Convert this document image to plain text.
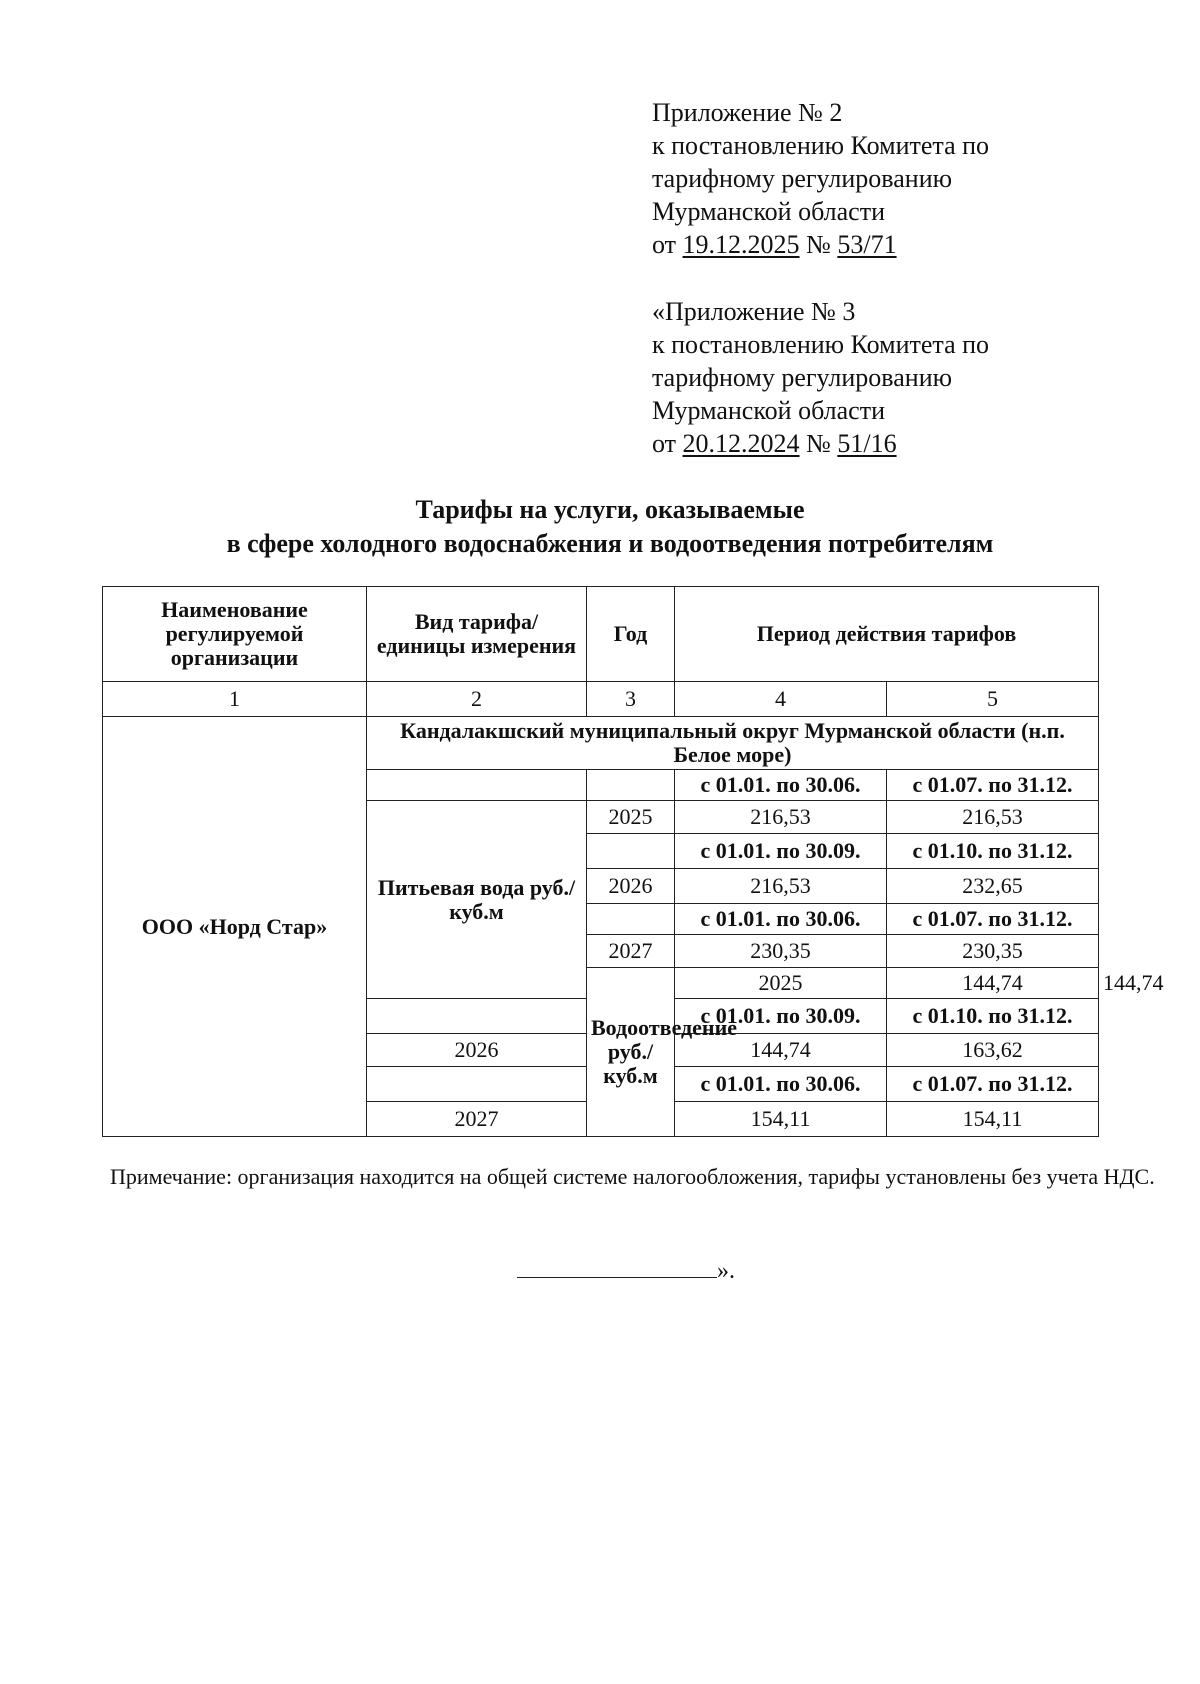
Приложение № 2
к постановлению Комитета по
тарифному регулированию
Мурманской области
от 19.12.2025 № 53/71
«Приложение № 3
к постановлению Комитета по
тарифному регулированию
Мурманской области
от 20.12.2024 № 51/16
Тарифы на услуги, оказываемые
в сфере холодного водоснабжения и водоотведения потребителям
Наименование регулируемой организации	Вид тарифа/единицы измерения	Год	Период действия тарифов		
1	2	3	4	5	
ООО «Норд Стар»	Кандалакшский муниципальный округ Мурманской области (н.п. Белое море)				
			с 01.01. по 30.06.	с 01.07. по 31.12.	
	Питьевая вода руб./куб.м	2025	216,53	216,53	
			с 01.01. по 30.09.	с 01.10. по 31.12.	
		2026	216,53	232,65	
			с 01.01. по 30.06.	с 01.07. по 31.12.	
		2027	230,35	230,35	
		Водоотведение руб./куб.м	2025	144,74	144,74
			с 01.01. по 30.09.	с 01.10. по 31.12.	
	2026		144,74	163,62	
			с 01.01. по 30.06.	с 01.07. по 31.12.	
	2027		154,11	154,11	
Примечание: организация находится на общей системе налогообложения, тарифы установлены без учета НДС.
».
